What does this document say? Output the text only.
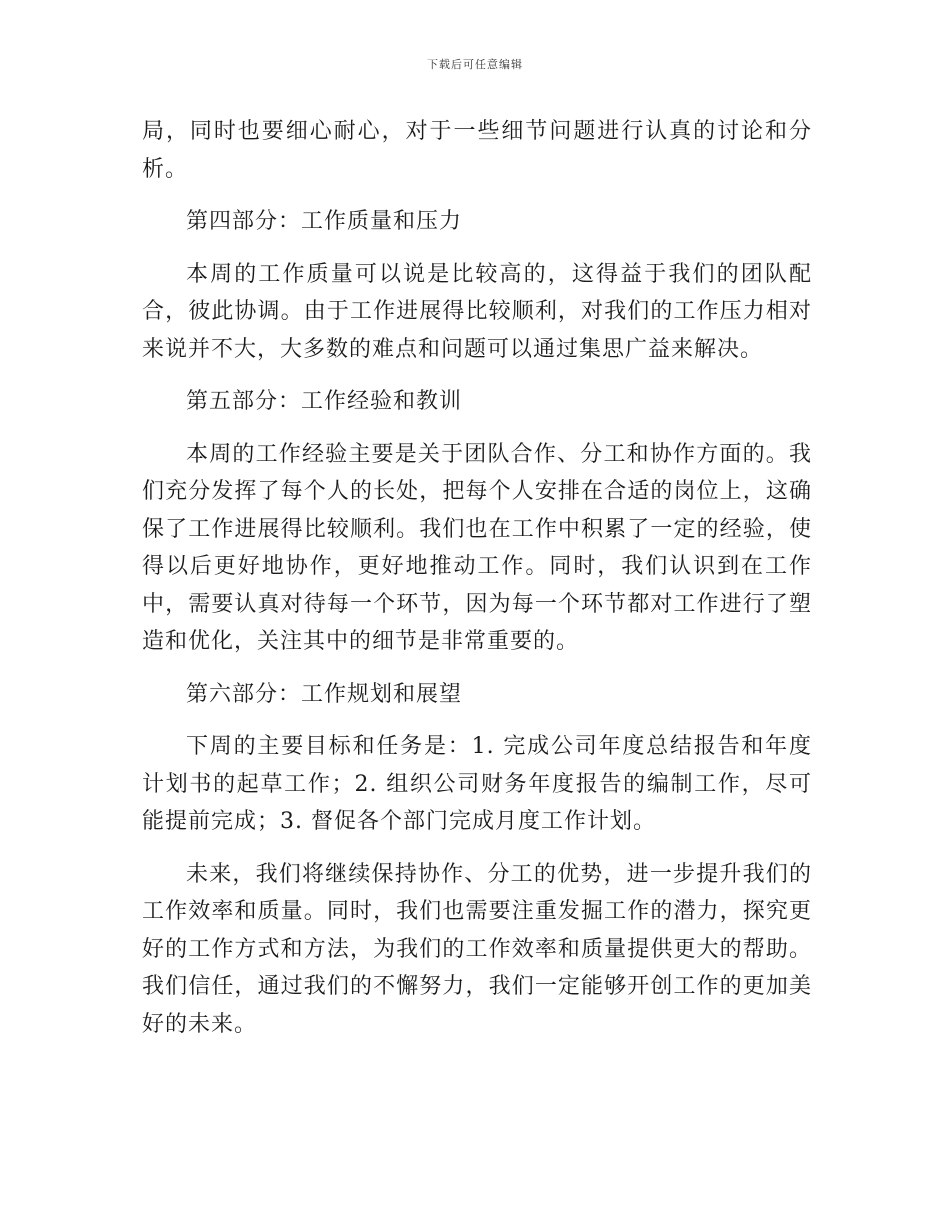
下载后可任意编辑

局，同时也要细心耐心，对于一些细节问题进行认真的讨论和分析。

第四部分：工作质量和压力

本周的工作质量可以说是比较高的，这得益于我们的团队配合，彼此协调。由于工作进展得比较顺利，对我们的工作压力相对来说并不大，大多数的难点和问题可以通过集思广益来解决。

第五部分：工作经验和教训

本周的工作经验主要是关于团队合作、分工和协作方面的。我们充分发挥了每个人的长处，把每个人安排在合适的岗位上，这确保了工作进展得比较顺利。我们也在工作中积累了一定的经验，使得以后更好地协作，更好地推动工作。同时，我们认识到在工作中，需要认真对待每一个环节，因为每一个环节都对工作进行了塑造和优化，关注其中的细节是非常重要的。

第六部分：工作规划和展望

下周的主要目标和任务是：1. 完成公司年度总结报告和年度计划书的起草工作；2. 组织公司财务年度报告的编制工作，尽可能提前完成；3. 督促各个部门完成月度工作计划。

未来，我们将继续保持协作、分工的优势，进一步提升我们的工作效率和质量。同时，我们也需要注重发掘工作的潜力，探究更好的工作方式和方法，为我们的工作效率和质量提供更大的帮助。我们信任，通过我们的不懈努力，我们一定能够开创工作的更加美好的未来。
